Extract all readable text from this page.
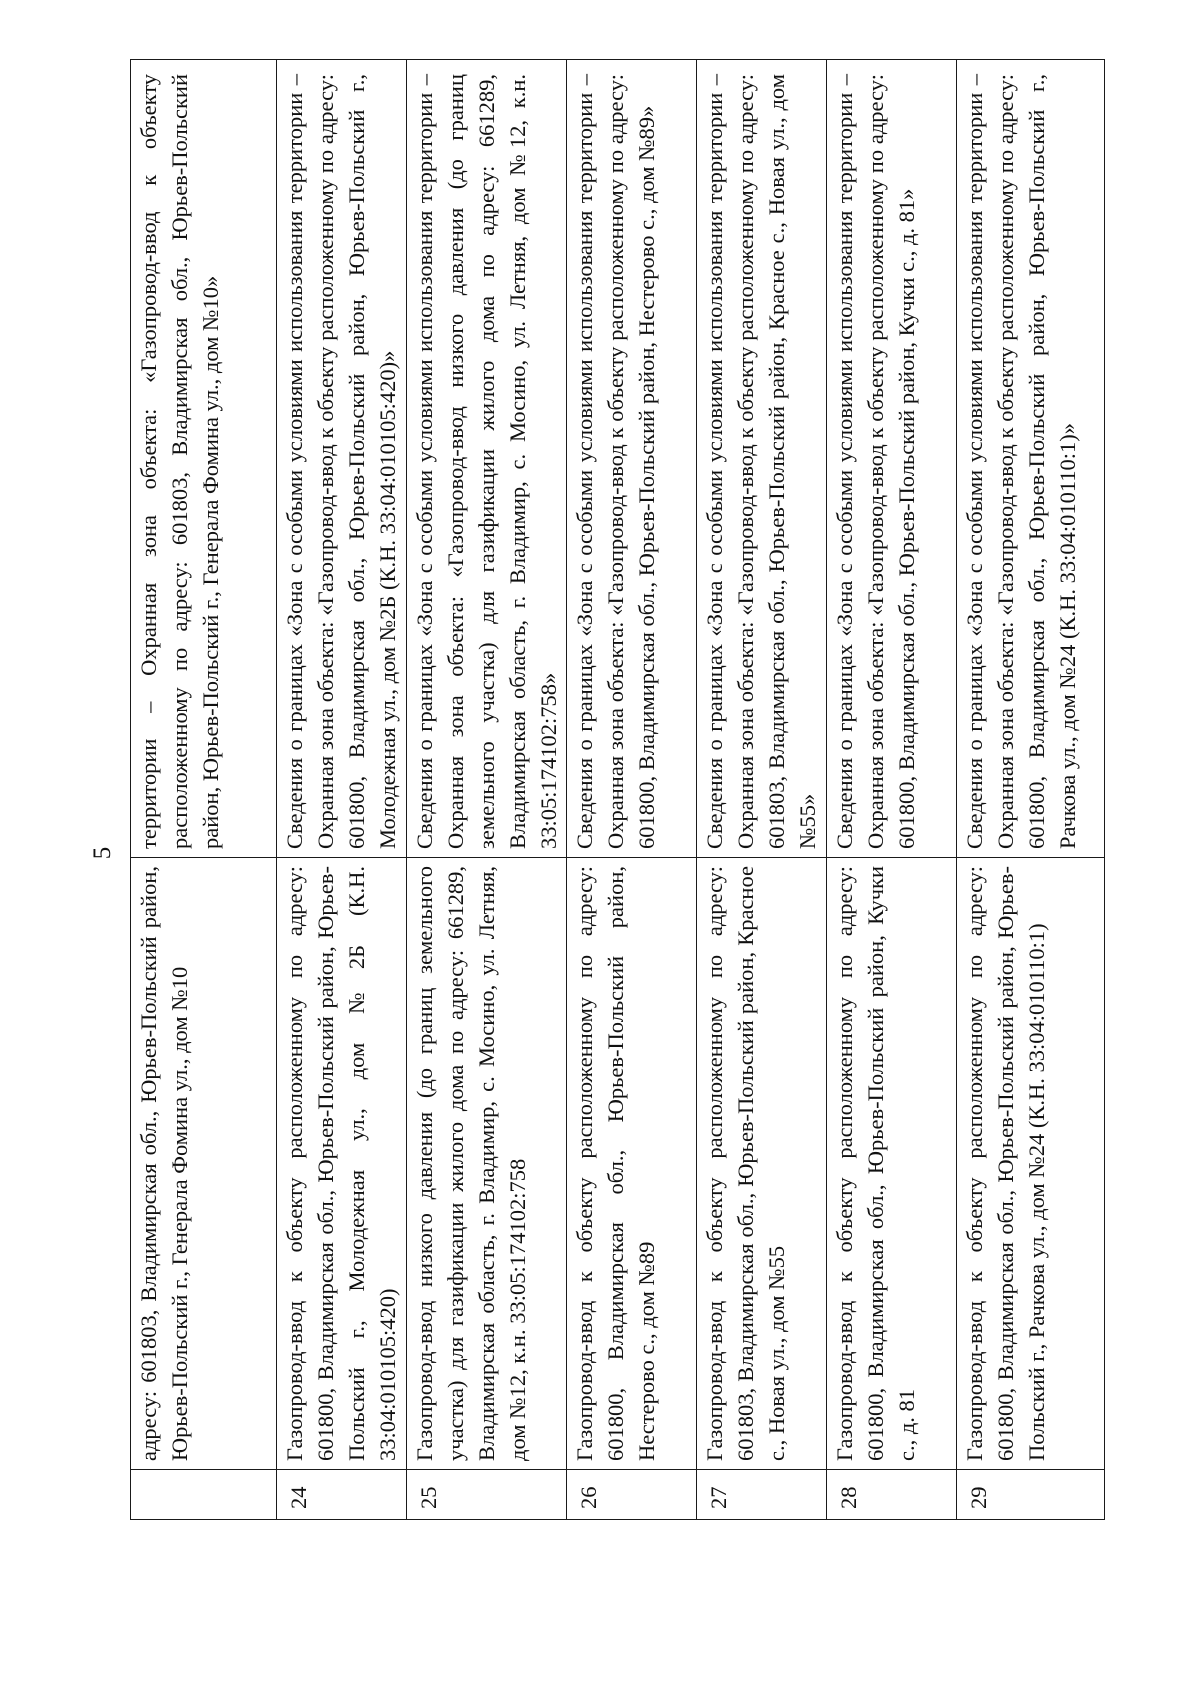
5
	адресу: 601803, Владимирская обл., Юрьев-Польский район, Юрьев-Польский г., Генерала Фомина ул., дом №10	территории – Охранная зона объекта: «Газопровод-ввод к объекту расположенному по адресу: 601803, Владимирская обл., Юрьев-Польский район, Юрьев-Польский г., Генерала Фомина ул., дом №10»
24	Газопровод-ввод к объекту расположенному по адресу: 601800, Владимирская обл., Юрьев-Польский район, Юрьев-Польский г., Молодежная ул., дом №2Б (К.Н. 33:04:010105:420)	Сведения о границах «Зона с особыми условиями использования территории – Охранная зона объекта: «Газопровод-ввод к объекту расположенному по адресу: 601800, Владимирская обл., Юрьев-Польский район, Юрьев-Польский г., Молодежная ул., дом №2Б (К.Н. 33:04:010105:420)»
25	Газопровод-ввод низкого давления (до границ земельного участка) для газификации жилого дома по адресу: 661289, Владимирская область, г. Владимир, с. Мосино, ул. Летняя, дом №12, к.н. 33:05:174102:758	Сведения о границах «Зона с особыми условиями использования территории – Охранная зона объекта: «Газопровод-ввод низкого давления (до границ земельного участка) для газификации жилого дома по адресу: 661289, Владимирская область, г. Владимир, с. Мосино, ул. Летняя, дом №12, к.н. 33:05:174102:758»
26	Газопровод-ввод к объекту расположенному по адресу: 601800, Владимирская обл., Юрьев-Польский район, Нестерово с., дом №89	Сведения о границах «Зона с особыми условиями использования территории – Охранная зона объекта: «Газопровод-ввод к объекту расположенному по адресу: 601800, Владимирская обл., Юрьев-Польский район, Нестерово с., дом №89»
27	Газопровод-ввод к объекту расположенному по адресу: 601803, Владимирская обл., Юрьев-Польский район, Красное с., Новая ул., дом №55	Сведения о границах «Зона с особыми условиями использования территории – Охранная зона объекта: «Газопровод-ввод к объекту расположенному по адресу: 601803, Владимирская обл., Юрьев-Польский район, Красное с., Новая ул., дом №55»
28	Газопровод-ввод к объекту расположенному по адресу: 601800, Владимирская обл., Юрьев-Польский район, Кучки с., д. 81	Сведения о границах «Зона с особыми условиями использования территории – Охранная зона объекта: «Газопровод-ввод к объекту расположенному по адресу: 601800, Владимирская обл., Юрьев-Польский район, Кучки с., д. 81»
29	Газопровод-ввод к объекту расположенному по адресу: 601800, Владимирская обл., Юрьев-Польский район, Юрьев-Польский г., Рачкова ул., дом №24 (К.Н. 33:04:010110:1)	Сведения о границах «Зона с особыми условиями использования территории – Охранная зона объекта: «Газопровод-ввод к объекту расположенному по адресу: 601800, Владимирская обл., Юрьев-Польский район, Юрьев-Польский г., Рачкова ул., дом №24 (К.Н. 33:04:010110:1)»
